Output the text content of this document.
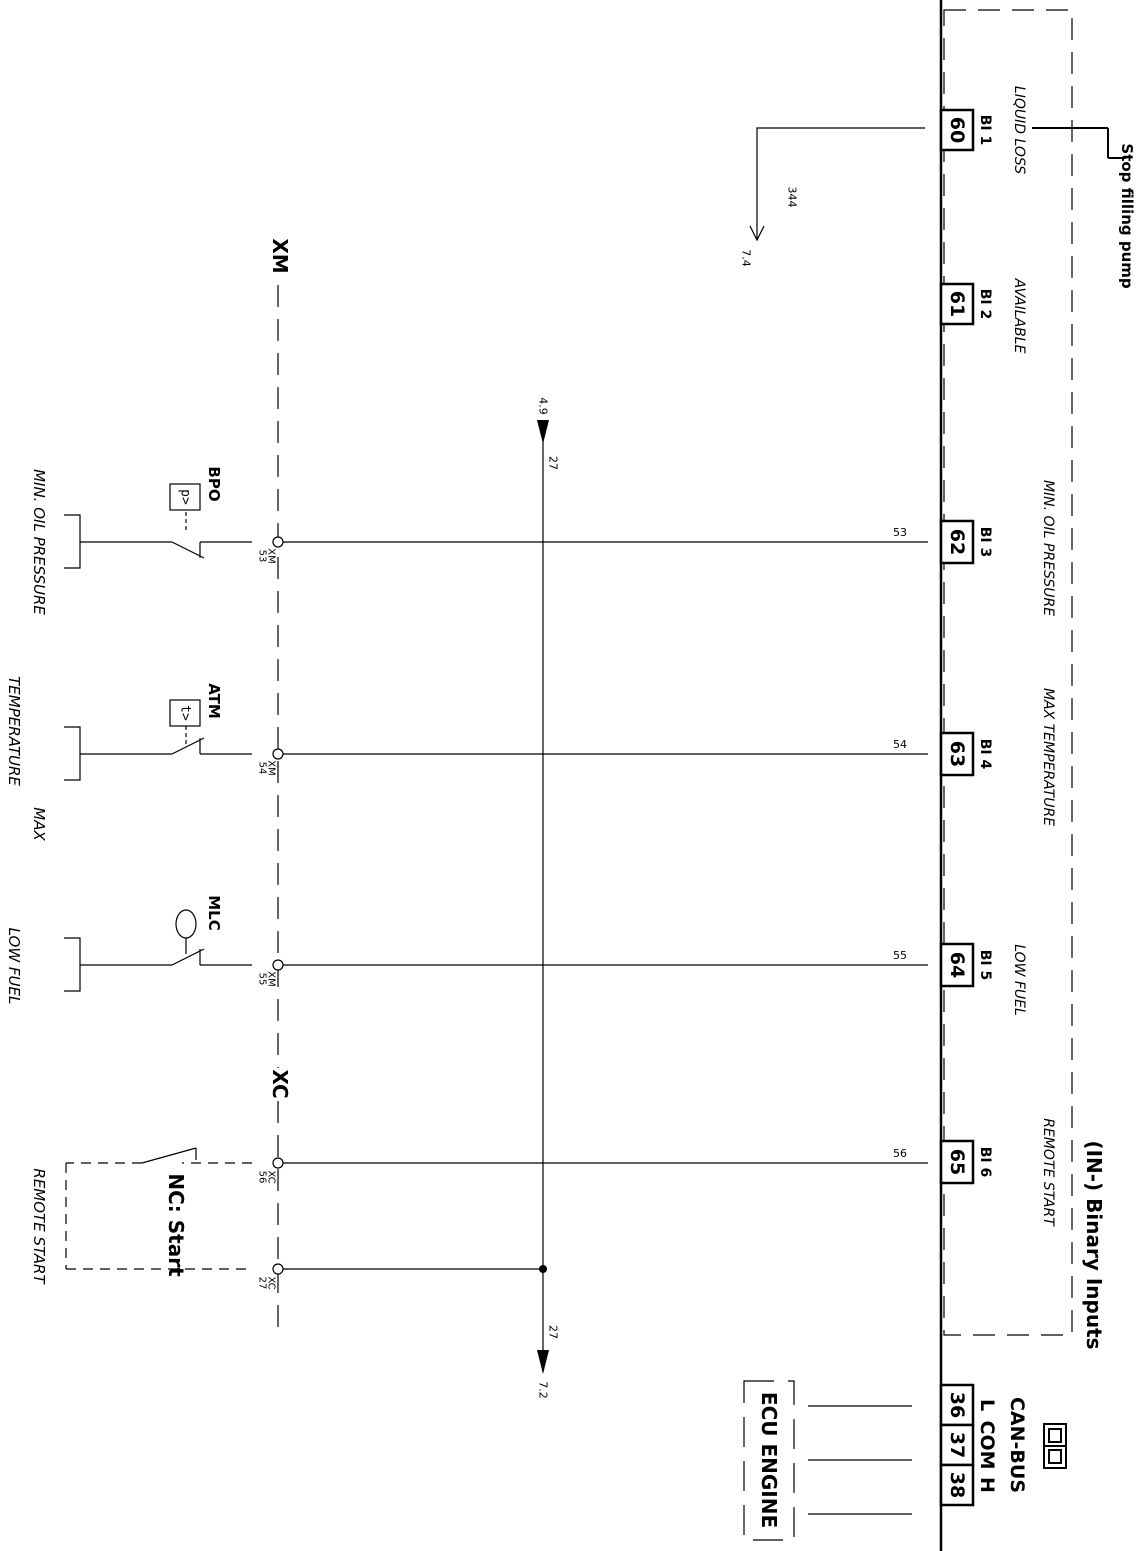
60 BI 1 LIQUID LOSS
61 BI 2 AVAILABLE
62 BI 3	MIN. OIL PRESSURE
63 BI 4	MAX TEMPERATURE
64 BI 5 LOW FUEL
65 BI 6	REMOTE START (IN-) Binary Inputs
Stop filling pump
344
7.4
53
54
55
56
4.9
27
27
7.2
XM
XC
53
XM
54
XM
55
XM
56
XC
27
XC
p> BPO
MIN. OIL PRESSURE
t> ATM
TEMPERATURE
MAX
MLC
LOW FUEL
NC: Start
REMOTE START
36
37
38
L
COM
H CAN-BUS
ECU ENGINE
